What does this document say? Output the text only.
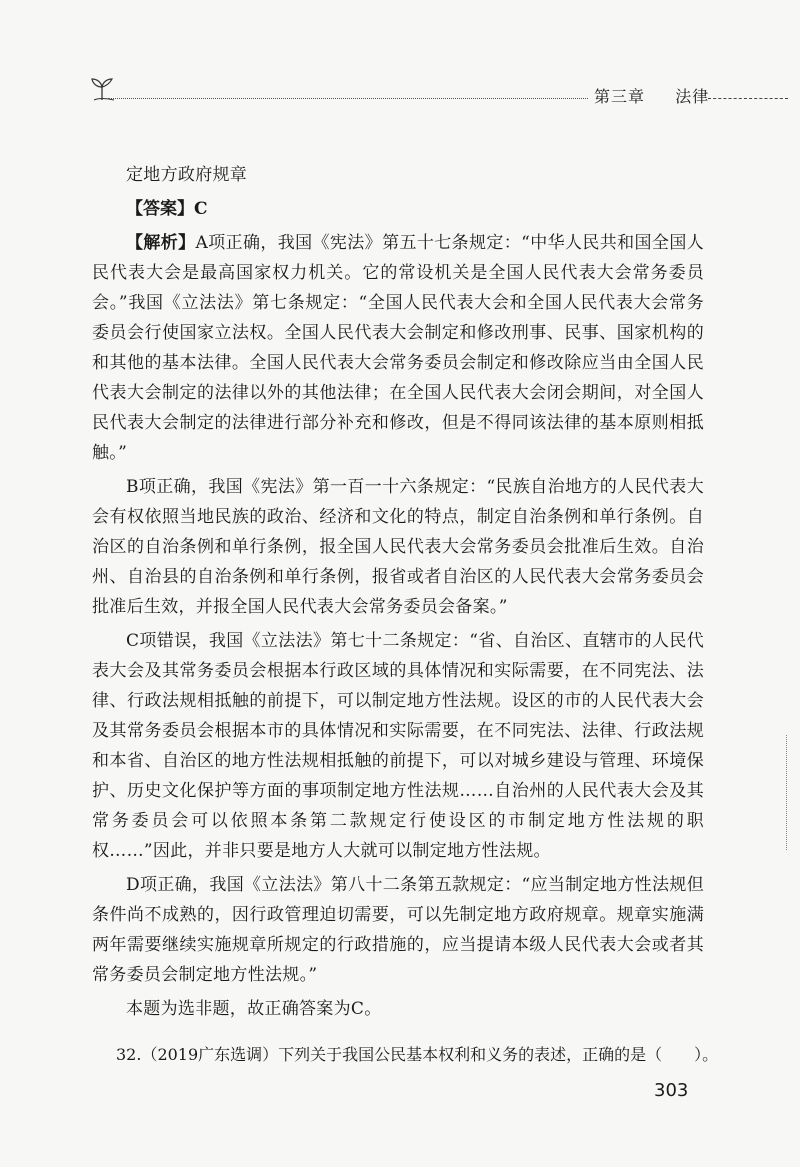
第三章 法律

定地方政府规章

【答案】C

【解析】A项正确，我国《宪法》第五十七条规定：“中华人民共和国全国人民代表大会是最高国家权力机关。它的常设机关是全国人民代表大会常务委员会。”我国《立法法》第七条规定：“全国人民代表大会和全国人民代表大会常务委员会行使国家立法权。全国人民代表大会制定和修改刑事、民事、国家机构的和其他的基本法律。全国人民代表大会常务委员会制定和修改除应当由全国人民代表大会制定的法律以外的其他法律；在全国人民代表大会闭会期间，对全国人民代表大会制定的法律进行部分补充和修改，但是不得同该法律的基本原则相抵触。”

B项正确，我国《宪法》第一百一十六条规定：“民族自治地方的人民代表大会有权依照当地民族的政治、经济和文化的特点，制定自治条例和单行条例。自治区的自治条例和单行条例，报全国人民代表大会常务委员会批准后生效。自治州、自治县的自治条例和单行条例，报省或者自治区的人民代表大会常务委员会批准后生效，并报全国人民代表大会常务委员会备案。”

C项错误，我国《立法法》第七十二条规定：“省、自治区、直辖市的人民代表大会及其常务委员会根据本行政区域的具体情况和实际需要，在不同宪法、法律、行政法规相抵触的前提下，可以制定地方性法规。设区的市的人民代表大会及其常务委员会根据本市的具体情况和实际需要，在不同宪法、法律、行政法规和本省、自治区的地方性法规相抵触的前提下，可以对城乡建设与管理、环境保护、历史文化保护等方面的事项制定地方性法规……自治州的人民代表大会及其常务委员会可以依照本条第二款规定行使设区的市制定地方性法规的职权……”因此，并非只要是地方人大就可以制定地方性法规。

D项正确，我国《立法法》第八十二条第五款规定：“应当制定地方性法规但条件尚不成熟的，因行政管理迫切需要，可以先制定地方政府规章。规章实施满两年需要继续实施规章所规定的行政措施的，应当提请本级人民代表大会或者其常务委员会制定地方性法规。”

本题为选非题，故正确答案为C。

32.（2019广东选调）下列关于我国公民基本权利和义务的表述，正确的是（　　）。
303
